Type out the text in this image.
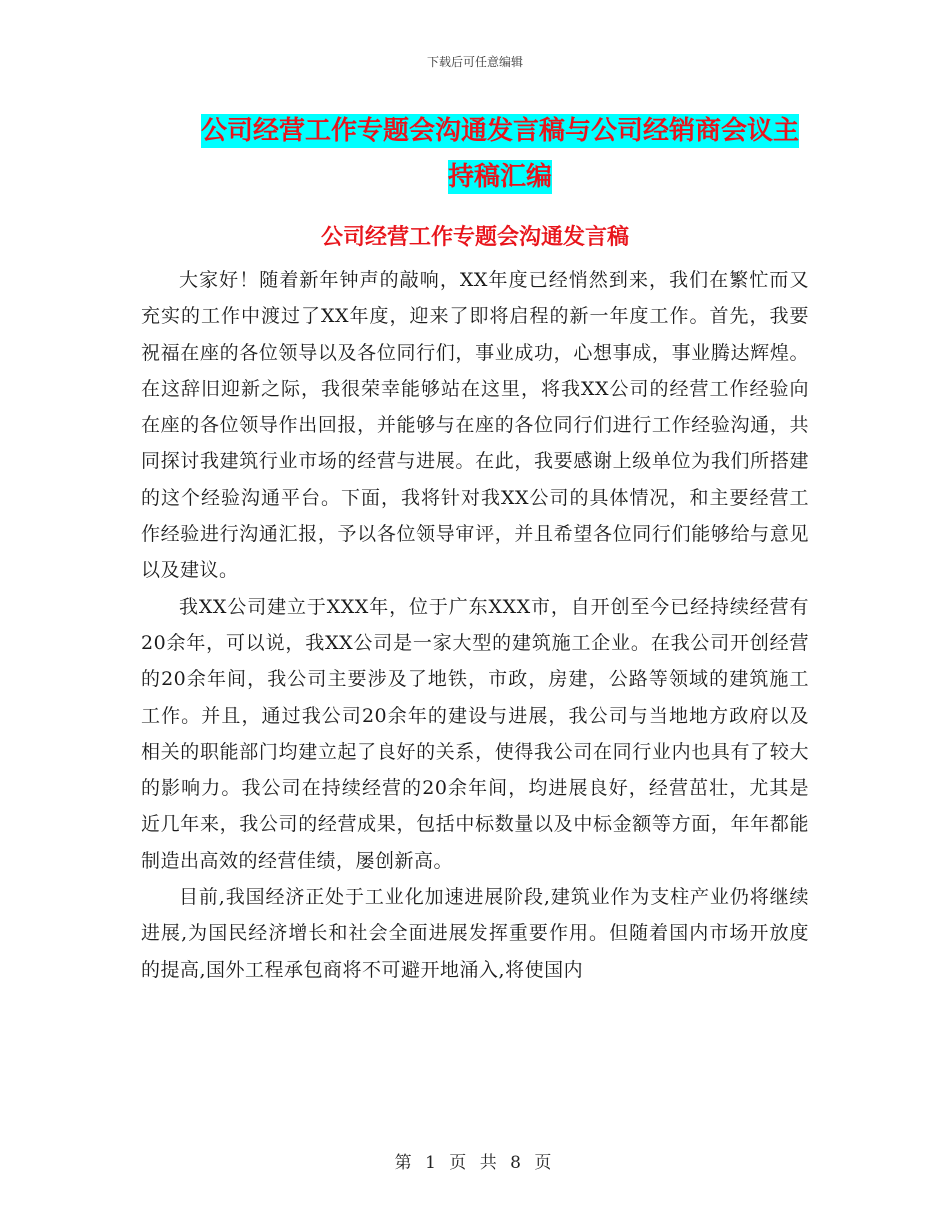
下载后可任意编辑
公司经营工作专题会沟通发言稿与公司经销商会议主
持稿汇编
公司经营工作专题会沟通发言稿

大家好！随着新年钟声的敲响，XX年度已经悄然到来，我们在繁忙而又充实的工作中渡过了XX年度，迎来了即将启程的新一年度工作。首先，我要祝福在座的各位领导以及各位同行们，事业成功，心想事成，事业腾达辉煌。在这辞旧迎新之际，我很荣幸能够站在这里，将我XX公司的经营工作经验向在座的各位领导作出回报，并能够与在座的各位同行们进行工作经验沟通，共同探讨我建筑行业市场的经营与进展。在此，我要感谢上级单位为我们所搭建的这个经验沟通平台。下面，我将针对我XX公司的具体情况，和主要经营工作经验进行沟通汇报，予以各位领导审评，并且希望各位同行们能够给与意见以及建议。

我XX公司建立于XXX年，位于广东XXX市，自开创至今已经持续经营有20余年，可以说，我XX公司是一家大型的建筑施工企业。在我公司开创经营的20余年间，我公司主要涉及了地铁，市政，房建，公路等领域的建筑施工工作。并且，通过我公司20余年的建设与进展，我公司与当地地方政府以及相关的职能部门均建立起了良好的关系，使得我公司在同行业内也具有了较大的影响力。我公司在持续经营的20余年间，均进展良好，经营茁壮，尤其是近几年来，我公司的经营成果，包括中标数量以及中标金额等方面，年年都能制造出高效的经营佳绩，屡创新高。

目前,我国经济正处于工业化加速进展阶段,建筑业作为支柱产业仍将继续进展,为国民经济增长和社会全面进展发挥重要作用。但随着国内市场开放度的提高,国外工程承包商将不可避开地涌入,将使国内

第 1 页 共 8 页
